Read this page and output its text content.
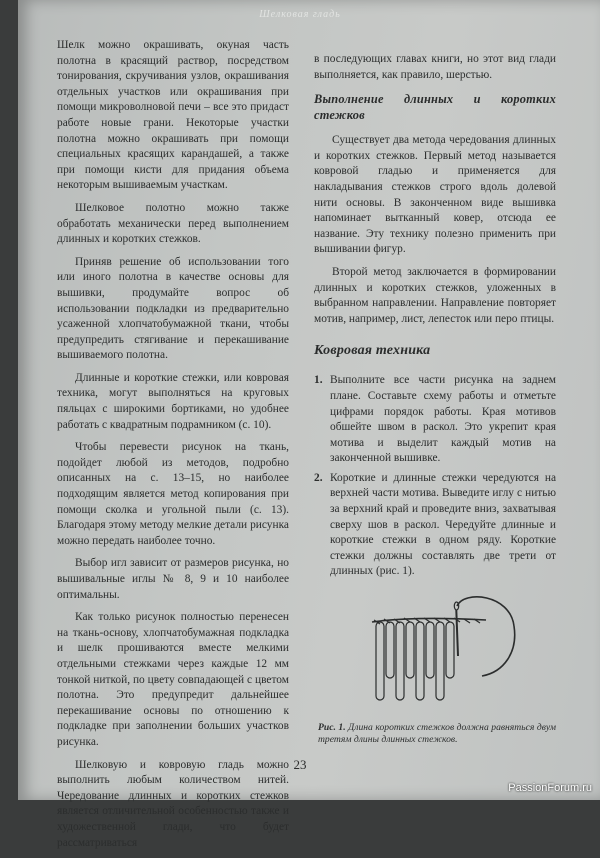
Шелковая гладь

Шелк можно окрашивать, окуная часть полотна в красящий раствор, посредством тонирования, скручивания узлов, окрашивания отдельных участков или окрашивания при помощи микроволновой печи – все это придаст работе новые грани. Некоторые участки полотна можно окрашивать при помощи специальных красящих карандашей, а также при помощи кисти для придания объема некоторым вышиваемым участкам.

Шелковое полотно можно также обработать механически перед выполнением длинных и коротких стежков.

Приняв решение об использовании того или иного полотна в качестве основы для вышивки, продумайте вопрос об использовании подкладки из предварительно усаженной хлопчатобумажной ткани, чтобы предупредить стягивание и перекашивание вышиваемого полотна.

Длинные и короткие стежки, или ковровая техника, могут выполняться на круговых пяльцах с широкими бортиками, но удобнее работать с квадратным подрамником (с. 10).

Чтобы перевести рисунок на ткань, подойдет любой из методов, подробно описанных на с. 13–15, но наиболее подходящим является метод копирования при помощи сколка и угольной пыли (с. 13). Благодаря этому методу мелкие детали рисунка можно передать наиболее точно.

Выбор игл зависит от размеров рисунка, но вышивальные иглы № 8, 9 и 10 наиболее оптимальны.

Как только рисунок полностью перенесен на ткань-основу, хлопчатобумажная подкладка и шелк прошиваются вместе мелкими отдельными стежками через каждые 12 мм тонкой ниткой, по цвету совпадающей с цветом полотна. Это предупредит дальнейшее перекашивание основы по отношению к подкладке при заполнении больших участков рисунка.

Шелковую и ковровую гладь можно выполнить любым количеством нитей. Чередование длинных и коротких стежков является отличительной особенностью также и художественной глади, что будет рассматриваться

в последующих главах книги, но этот вид глади выполняется, как правило, шерстью.

Выполнение длинных и коротких стежков

Существует два метода чередования длинных и коротких стежков. Первый метод называется ковровой гладью и применяется для накладывания стежков строго вдоль долевой нити основы. В законченном виде вышивка напоминает вытканный ковер, отсюда ее название. Эту технику полезно применить при вышивании фигур.

Второй метод заключается в формировании длинных и коротких стежков, уложенных в выбранном направлении. Направление повторяет мотив, например, лист, лепесток или перо птицы.

Ковровая техника
1. Выполните все части рисунка на заднем плане. Составьте схему работы и отметьте цифрами порядок работы. Края мотивов обшейте швом в раскол. Это укрепит края мотива и выделит каждый мотив на законченной вышивке.
2. Короткие и длинные стежки чередуются на верхней части мотива. Выведите иглу с нитью за верхний край и проведите вниз, захватывая сверху шов в раскол. Чередуйте длинные и короткие стежки в одном ряду. Короткие стежки должны составлять две трети от длинных (рис. 1).
Рис. 1. Длина коротких стежков должна равняться двум третям длины длинных стежков.
23
PassionForum.ru
